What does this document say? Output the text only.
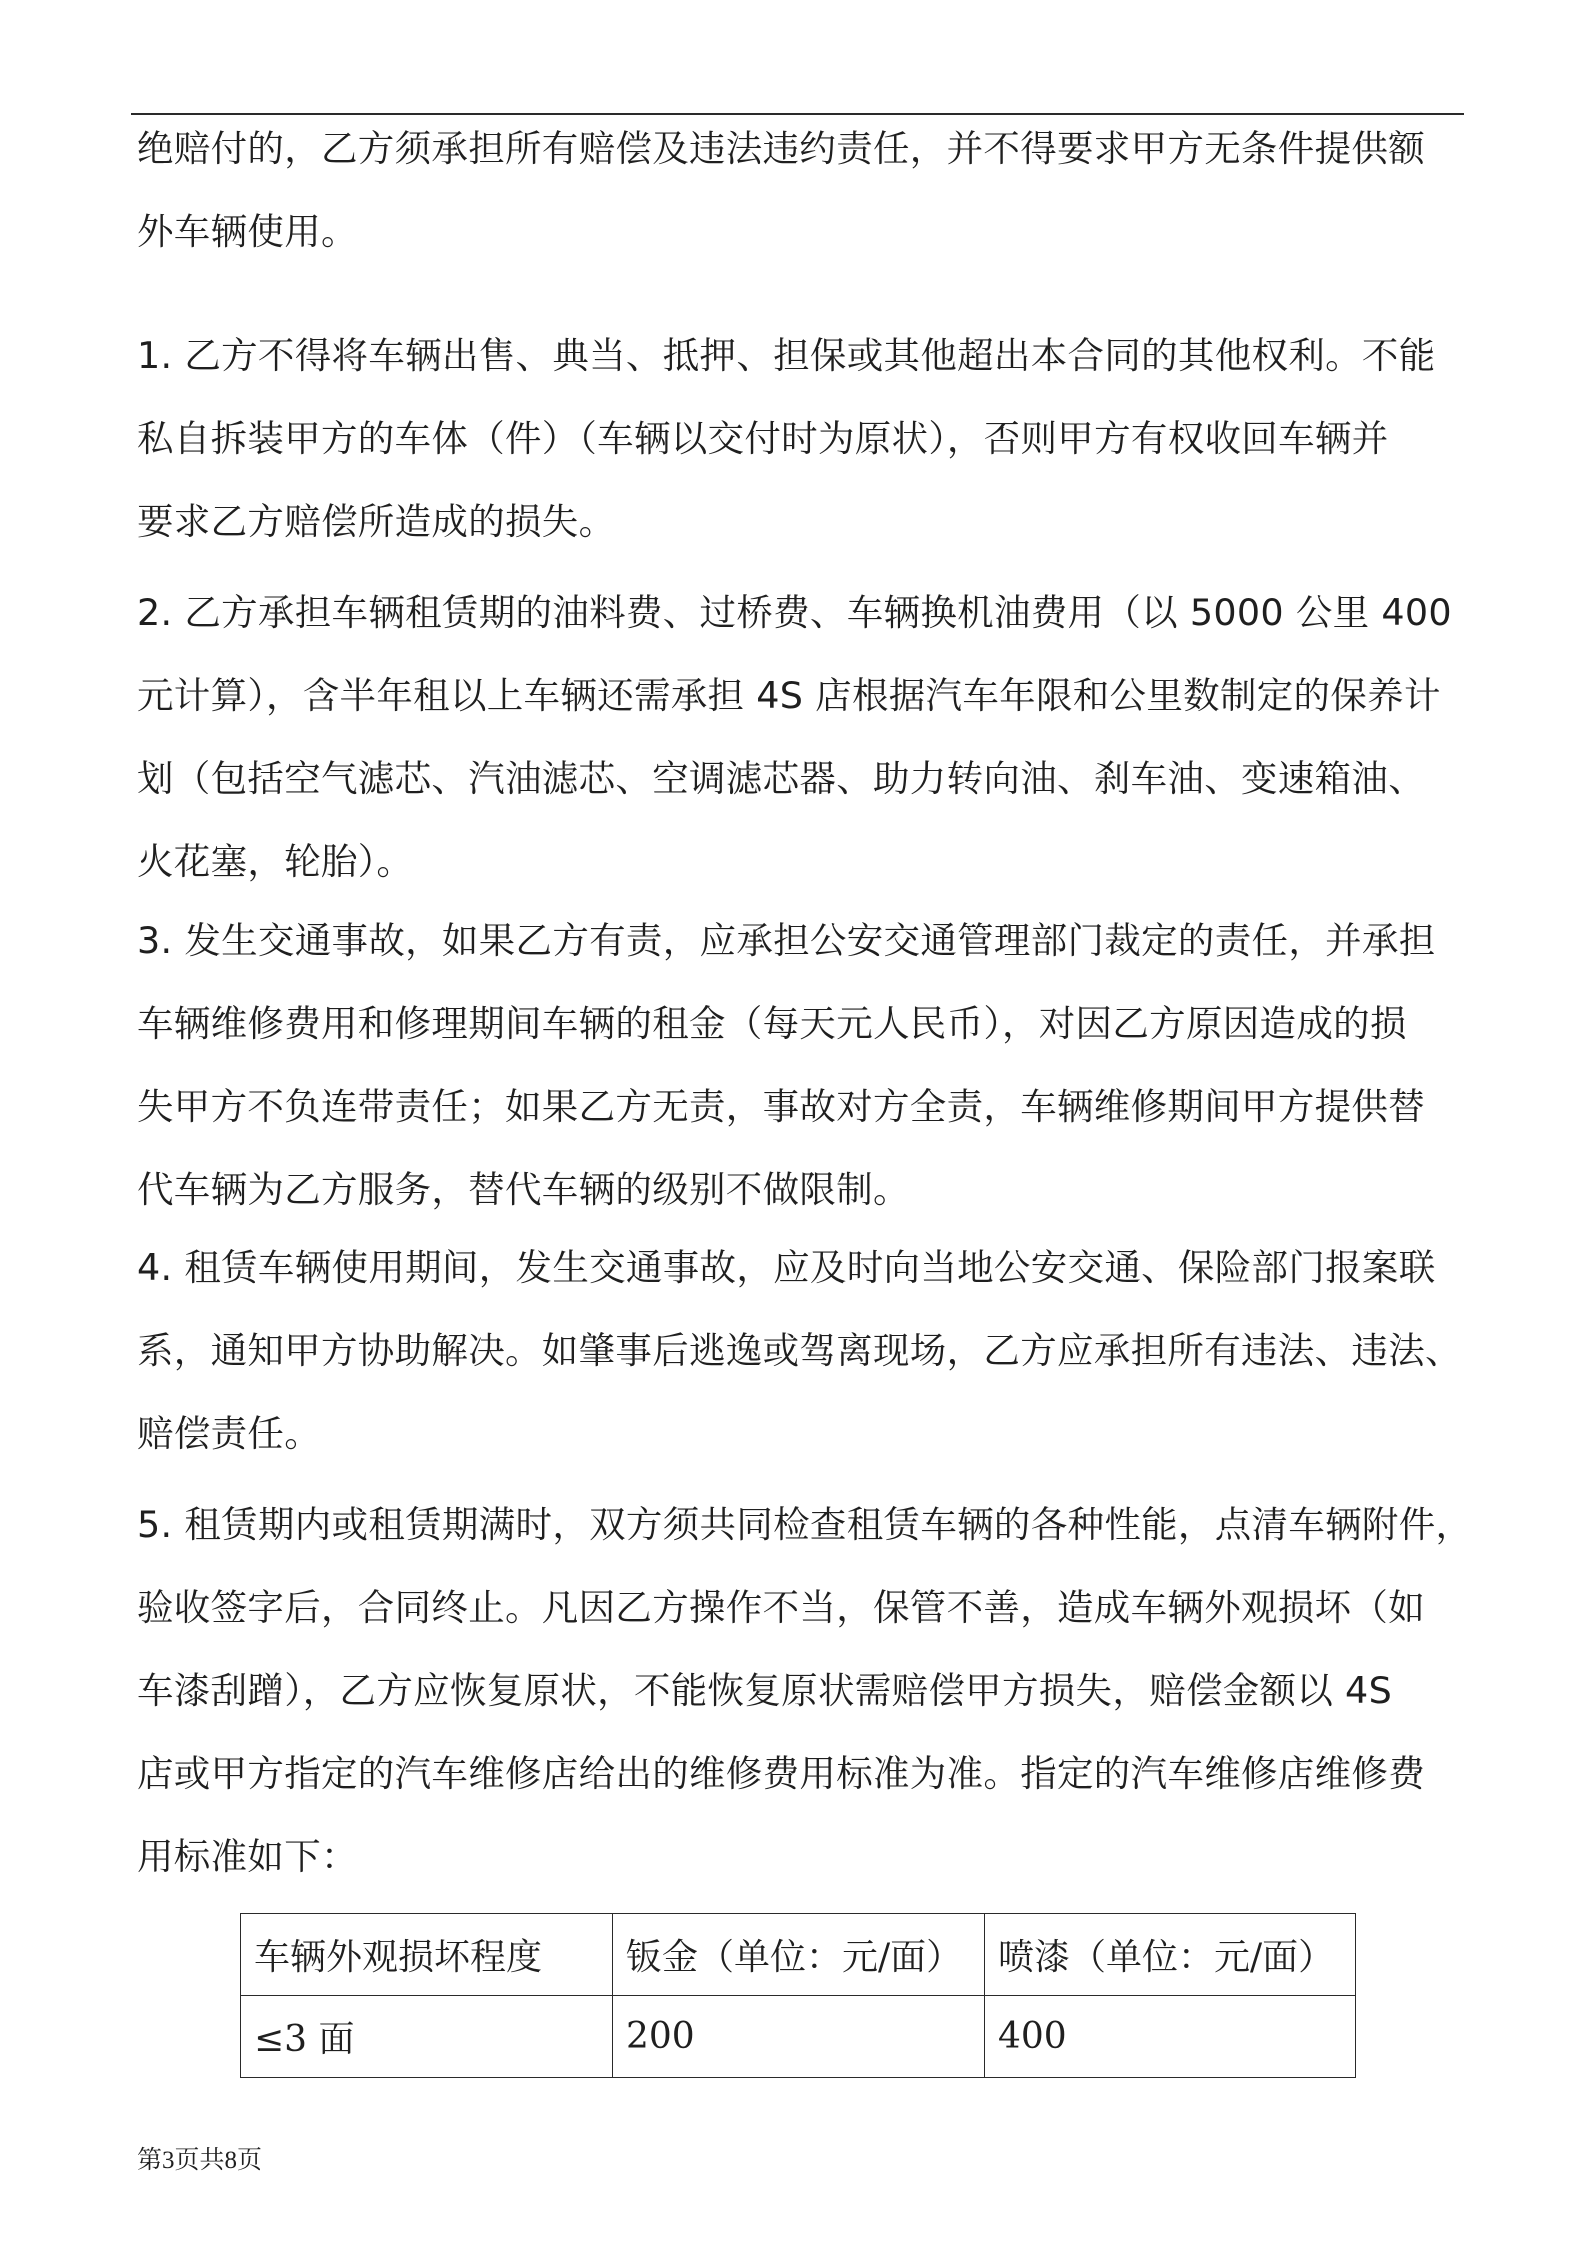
绝赔付的，乙方须承担所有赔偿及违法违约责任，并不得要求甲方无条件提供额
外车辆使用。
1. 乙方不得将车辆出售、典当、抵押、担保或其他超出本合同的其他权利。不能
私自拆装甲方的车体（件）（车辆以交付时为原状），否则甲方有权收回车辆并
要求乙方赔偿所造成的损失。
2. 乙方承担车辆租赁期的油料费、过桥费、车辆换机油费用（以 5000 公里 400
元计算），含半年租以上车辆还需承担 4S 店根据汽车年限和公里数制定的保养计
划（包括空气滤芯、汽油滤芯、空调滤芯器、助力转向油、刹车油、变速箱油、
火花塞，轮胎）。
3. 发生交通事故，如果乙方有责，应承担公安交通管理部门裁定的责任，并承担
车辆维修费用和修理期间车辆的租金（每天元人民币），对因乙方原因造成的损
失甲方不负连带责任；如果乙方无责，事故对方全责，车辆维修期间甲方提供替
代车辆为乙方服务，替代车辆的级别不做限制。
4. 租赁车辆使用期间，发生交通事故，应及时向当地公安交通、保险部门报案联
系，通知甲方协助解决。如肇事后逃逸或驾离现场，乙方应承担所有违法、违法、
赔偿责任。
5. 租赁期内或租赁期满时，双方须共同检查租赁车辆的各种性能，点清车辆附件，
验收签字后，合同终止。凡因乙方操作不当，保管不善，造成车辆外观损坏（如
车漆刮蹭），乙方应恢复原状，不能恢复原状需赔偿甲方损失，赔偿金额以 4S
店或甲方指定的汽车维修店给出的维修费用标准为准。指定的汽车维修店维修费
用标准如下：
车辆外观损坏程度	钣金（单位：元/面）	喷漆（单位：元/面）
≤3 面	200	400
第3页共8页
